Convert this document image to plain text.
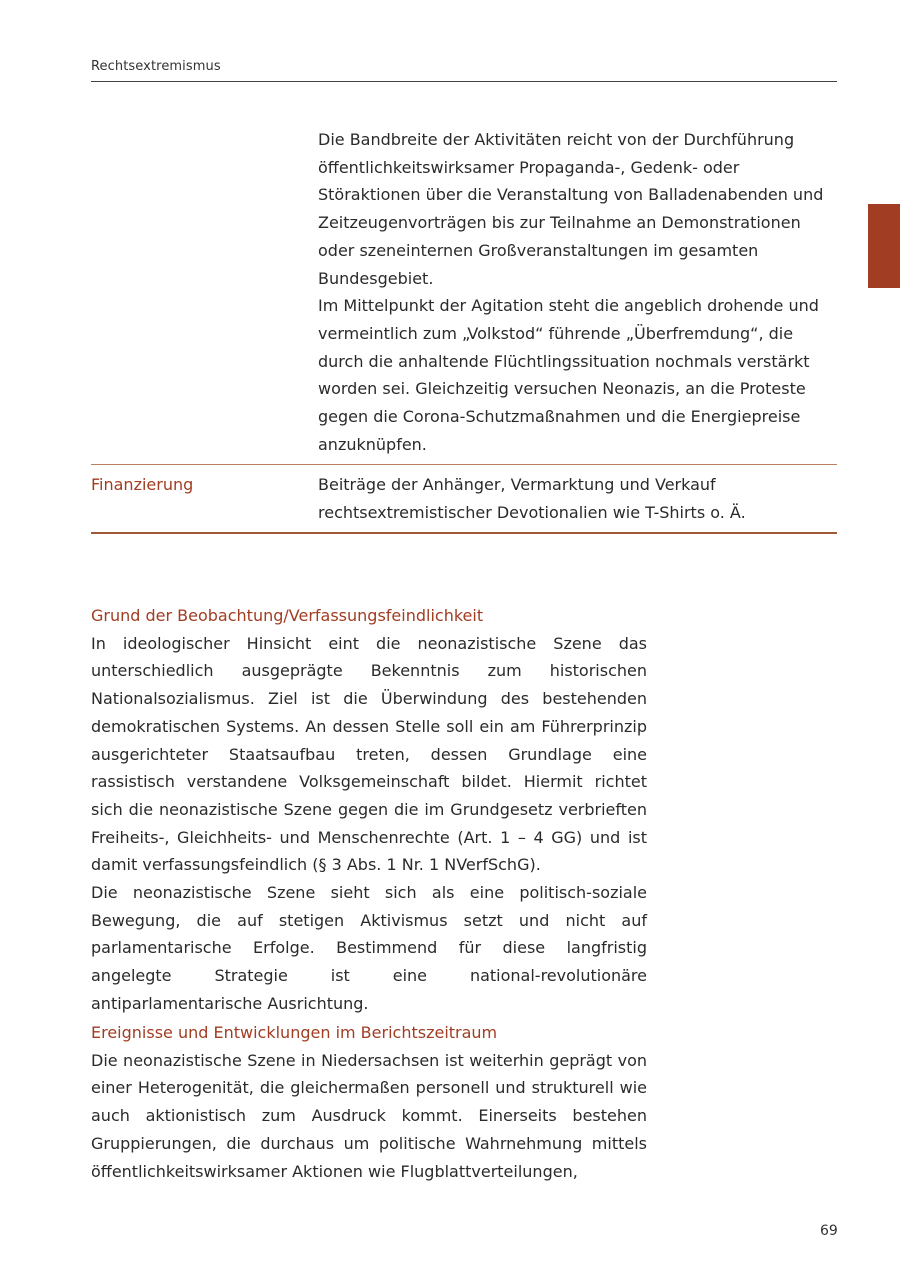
Rechtsextremismus
Die Bandbreite der Aktivitäten reicht von der Durchführung öffentlichkeitswirksamer Propaganda-, Gedenk- oder Störaktionen über die Veranstaltung von Balladenabenden und Zeitzeugenvorträgen bis zur Teilnahme an Demonstrationen oder szeneinternen Großveranstaltungen im gesamten Bundesgebiet.
Im Mittelpunkt der Agitation steht die angeblich drohende und vermeintlich zum „Volkstod“ führende „Überfremdung“, die durch die anhaltende Flüchtlingssituation nochmals verstärkt worden sei. Gleichzeitig versuchen Neonazis, an die Proteste gegen die Corona-Schutzmaßnahmen und die Energiepreise anzuknüpfen.
Finanzierung	Beiträge der Anhänger, Vermarktung und Verkauf rechtsextremistischer Devotionalien wie T-Shirts o. Ä.
Grund der Beobachtung/Verfassungsfeindlichkeit
In ideologischer Hinsicht eint die neonazistische Szene das unterschiedlich ausgeprägte Bekenntnis zum historischen Nationalsozialismus. Ziel ist die Überwindung des bestehenden demokratischen Systems. An dessen Stelle soll ein am Führerprinzip ausgerichteter Staatsaufbau treten, dessen Grundlage eine rassistisch verstandene Volksgemeinschaft bildet. Hiermit richtet sich die neonazistische Szene gegen die im Grundgesetz verbrieften Freiheits-, Gleichheits- und Menschenrechte (Art. 1 – 4 GG) und ist damit verfassungsfeindlich (§ 3 Abs. 1 Nr. 1 NVerfSchG).
Die neonazistische Szene sieht sich als eine politisch-soziale Bewegung, die auf stetigen Aktivismus setzt und nicht auf parlamentarische Erfolge. Bestimmend für diese langfristig angelegte Strategie ist eine national-revolutionäre antiparlamentarische Ausrichtung.
Ereignisse und Entwicklungen im Berichtszeitraum
Die neonazistische Szene in Niedersachsen ist weiterhin geprägt von einer Heterogenität, die gleichermaßen personell und strukturell wie auch aktionistisch zum Ausdruck kommt. Einerseits bestehen Gruppierungen, die durchaus um politische Wahrnehmung mittels öffentlichkeitswirksamer Aktionen wie Flugblattverteilungen,
69
